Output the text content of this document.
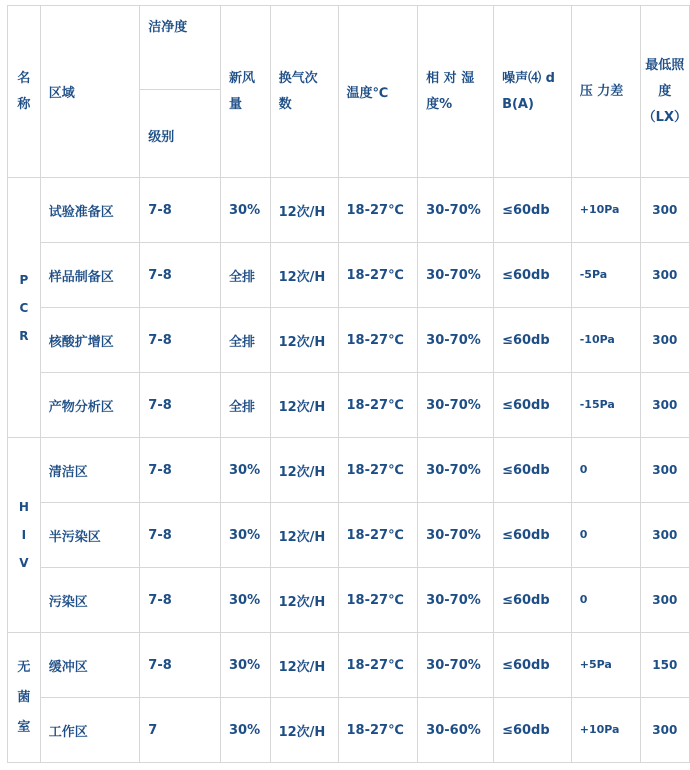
名称	区域	洁净度	新风量	换气次数	温度℃	相 对 湿度%	噪声⑷ d B(A)	压 力差	最低照度（LX）
		级别							

P
C
R	试验准备区	7-8	30%	12次/H	18-27℃	30-70%	≤60db	+10Pa	300
	样品制备区	7-8	全排	12次/H	18-27℃	30-70%	≤60db	-5Pa	300
	核酸扩增区	7-8	全排	12次/H	18-27℃	30-70%	≤60db	-10Pa	300
	产物分析区	7-8	全排	12次/H	18-27℃	30-70%	≤60db	-15Pa	300

H
I
V	清洁区	7-8	30%	12次/H	18-27℃	30-70%	≤60db	0	300
	半污染区	7-8	30%	12次/H	18-27℃	30-70%	≤60db	0	300
	污染区	7-8	30%	12次/H	18-27℃	30-70%	≤60db	0	300

无
菌
室	缓冲区	7-8	30%	12次/H	18-27℃	30-70%	≤60db	+5Pa	150
	工作区	7	30%	12次/H	18-27℃	30-60%	≤60db	+10Pa	300
